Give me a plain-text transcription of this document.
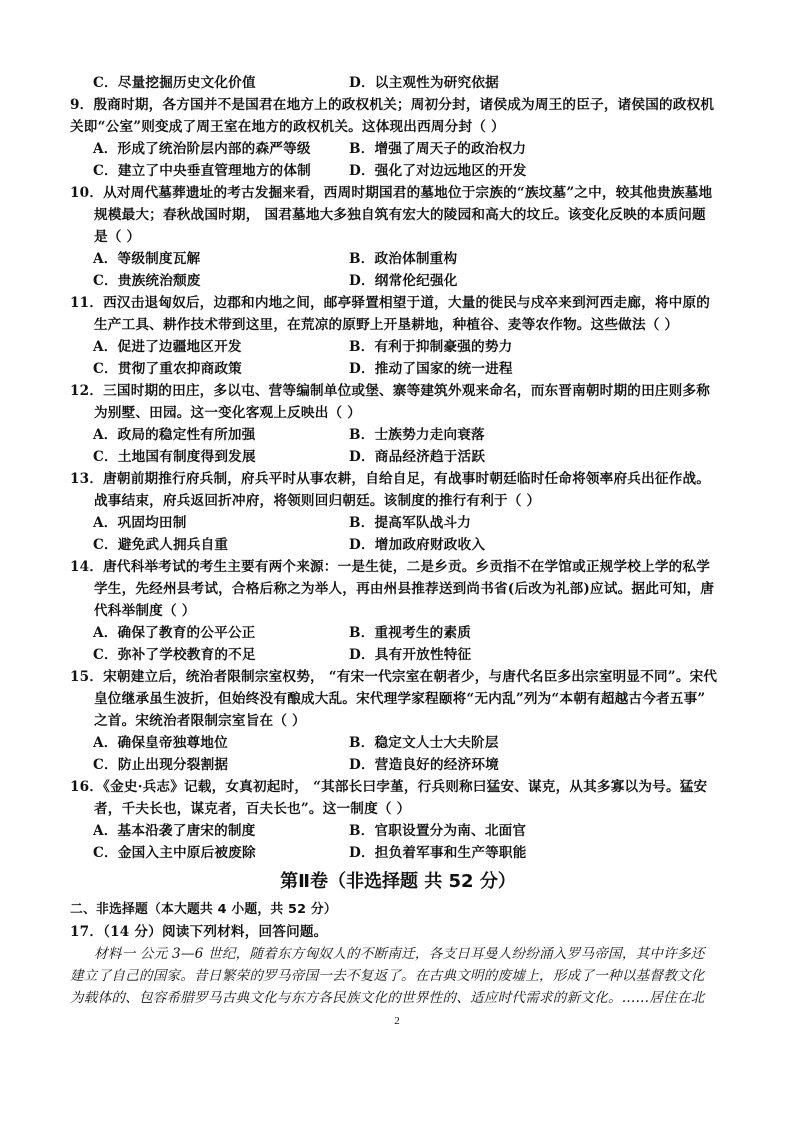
C．尽量挖掘历史文化价值	D．以主观性为研究依据
9．殷商时期，各方国并不是国君在地方上的政权机关；周初分封，诸侯成为周王的臣子，诸侯国的政权机
关即“公室”则变成了周王室在地方的政权机关。这体现出西周分封（ ）
A．形成了统治阶层内部的森严等级	B．增强了周天子的政治权力
C．建立了中央垂直管理地方的体制	D．强化了对边远地区的开发
10．从对周代墓葬遗址的考古发掘来看，西周时期国君的墓地位于宗族的“族坟墓”之中，较其他贵族墓地
规模最大；春秋战国时期， 国君墓地大多独自筑有宏大的陵园和高大的坟丘。该变化反映的本质问题
是（ ）
A．等级制度瓦解	B．政治体制重构
C．贵族统治颓废	D．纲常伦纪强化
11．西汉击退匈奴后，边郡和内地之间，邮亭驿置相望于道，大量的徙民与戍卒来到河西走廊，将中原的
生产工具、耕作技术带到这里，在荒凉的原野上开垦耕地，种植谷、麦等农作物。这些做法（ ）
A．促进了边疆地区开发	B．有利于抑制豪强的势力
C．贯彻了重农抑商政策	D．推动了国家的统一进程
12．三国时期的田庄，多以屯、营等编制单位或堡、寨等建筑外观来命名，而东晋南朝时期的田庄则多称
为别墅、田园。这一变化客观上反映出（ ）
A．政局的稳定性有所加强	B．士族势力走向衰落
C．土地国有制度得到发展	D．商品经济趋于活跃
13．唐朝前期推行府兵制，府兵平时从事农耕，自给自足，有战事时朝廷临时任命将领率府兵出征作战。
战事结束，府兵返回折冲府，将领则回归朝廷。该制度的推行有利于（ ）
A．巩固均田制	B．提高军队战斗力
C．避免武人拥兵自重	D．增加政府财政收入
14．唐代科举考试的考生主要有两个来源：一是生徒，二是乡贡。乡贡指不在学馆或正规学校上学的私学
学生，先经州县考试，合格后称之为举人，再由州县推荐送到尚书省(后改为礼部)应试。据此可知，唐
代科举制度（ ）
A．确保了教育的公平公正	B．重视考生的素质
C．弥补了学校教育的不足	D．具有开放性特征
15．宋朝建立后，统治者限制宗室权势， “有宋一代宗室在朝者少，与唐代名臣多出宗室明显不同”。宋代
皇位继承虽生波折，但始终没有酿成大乱。宋代理学家程颐将“无内乱”列为“本朝有超越古今者五事”
之首。宋统治者限制宗室旨在（ ）
A．确保皇帝独尊地位	B．稳定文人士大夫阶层
C．防止出现分裂割据	D．营造良好的经济环境
16．《金史·兵志》记载，女真初起时， “其部长曰孛堇，行兵则称曰猛安、谋克，从其多寡以为号。猛安
者，千夫长也，谋克者，百夫长也”。这一制度（ ）
A．基本沿袭了唐宋的制度	B．官职设置分为南、北面官
C．金国入主中原后被废除	D．担负着军事和生产等职能
第Ⅱ卷（非选择题 共 52 分）
二、非选择题（本大题共 4 小题，共 52 分）
17．（14 分）阅读下列材料，回答问题。
材料一 公元 3—6 世纪，随着东方匈奴人的不断南迁，各支日耳曼人纷纷涌入罗马帝国，其中许多还
建立了自己的国家。昔日繁荣的罗马帝国一去不复返了。在古典文明的废墟上，形成了一种以基督教文化
为载体的、包容希腊罗马古典文化与东方各民族文化的世界性的、适应时代需求的新文化。……居住在北
2
